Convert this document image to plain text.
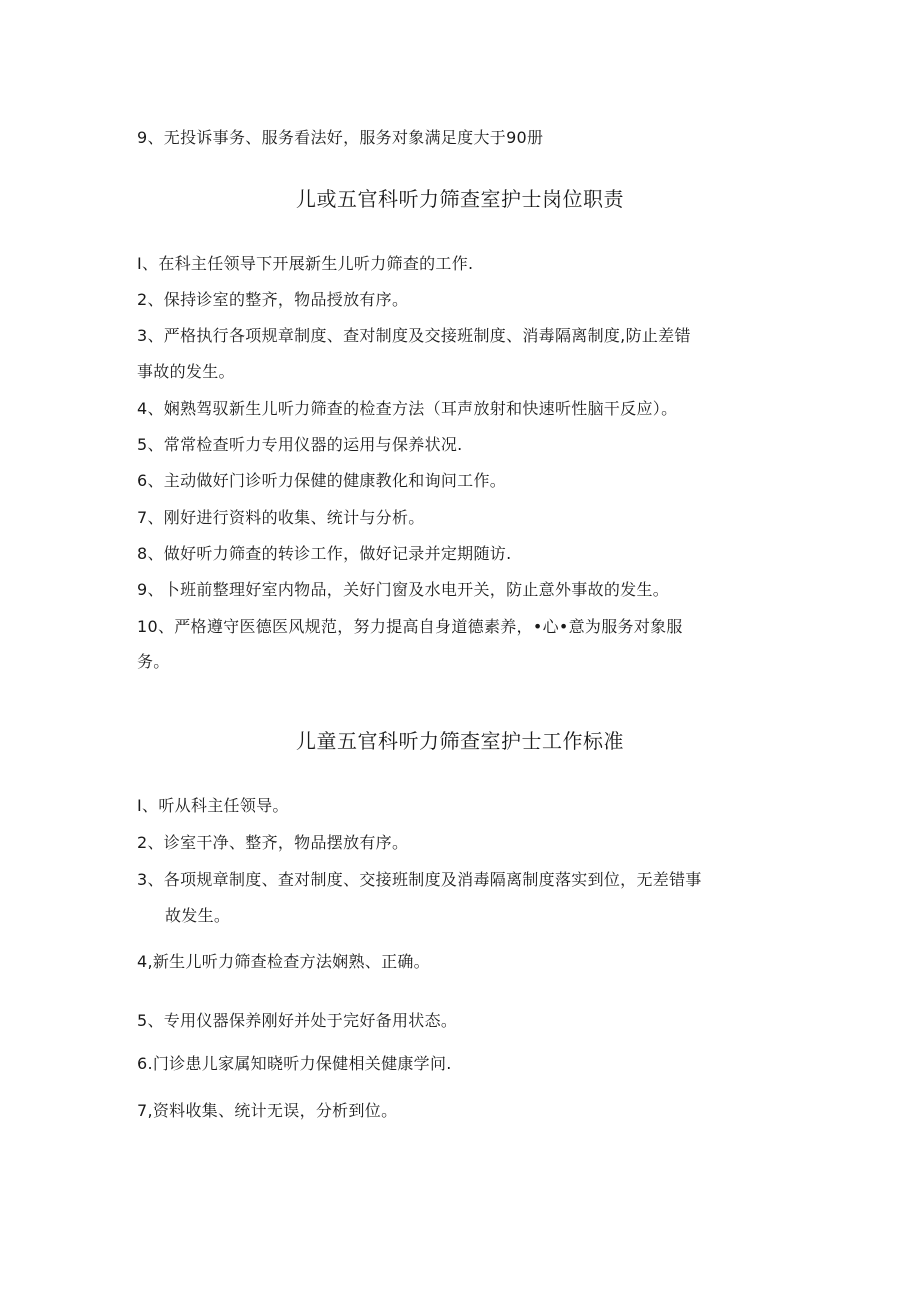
9、无投诉事务、服务看法好，服务对象满足度大于90册
儿或五官科听力筛查室护士岗位职责
I、在科主任领导下开展新生儿听力筛查的工作.
2、保持诊室的整齐，物品授放有序。
3、严格执行各项规章制度、查对制度及交接班制度、消毒隔离制度,防止差错
事故的发生。
4、娴熟驾驭新生儿听力筛查的检查方法（耳声放射和快速听性脑干反应）。
5、常常检查听力专用仪器的运用与保养状况.
6、主动做好门诊听力保健的健康教化和询问工作。
7、刚好进行资料的收集、统计与分析。
8、做好听力筛查的转诊工作，做好记录并定期随访.
9、卜班前整理好室内物品，关好门窗及水电开关，防止意外事故的发生。
10、严格遵守医德医风规范，努力提高自身道德素养，•心•意为服务对象服
务。
儿童五官科听力筛查室护士工作标准
I、听从科主任领导。
2、诊室干净、整齐，物品摆放有序。
3、各项规章制度、查对制度、交接班制度及消毒隔离制度落实到位，无差错事
故发生。
4,新生儿听力筛查检查方法娴熟、正确。
5、专用仪器保养刚好并处于完好备用状态。
6.门诊患儿家属知晓听力保健相关健康学问.
7,资料收集、统计无误，分析到位。
